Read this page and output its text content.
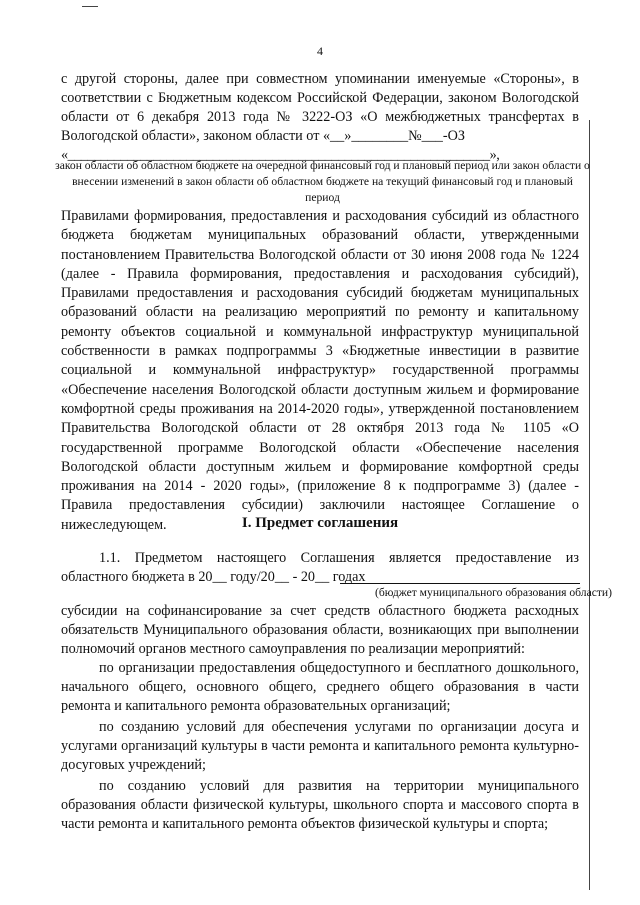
4
с другой стороны, далее при совместном упоминании именуемые «Стороны», в соответствии с Бюджетным кодексом Российской Федерации, законом Вологодской области от 6 декабря 2013 года № 3222-ОЗ «О межбюджетных трансфертах в Вологодской области», законом области от «__»________№___-ОЗ
«________________________________________________________________»,
закон области об областном бюджете на очередной финансовый год и плановый период или закон области о внесении изменений в закон области об областном бюджете на текущий финансовый год и плановый период
Правилами формирования, предоставления и расходования субсидий из областного бюджета бюджетам муниципальных образований области, утвержденными постановлением Правительства Вологодской области от 30 июня 2008 года № 1224 (далее - Правила формирования, предоставления и расходования субсидий), Правилами предоставления и расходования субсидий бюджетам муниципальных образований области на реализацию мероприятий по ремонту и капитальному ремонту объектов социальной и коммунальной инфраструктур муниципальной собственности в рамках подпрограммы 3 «Бюджетные инвестиции в развитие социальной и коммунальной инфраструктур» государственной программы «Обеспечение населения Вологодской области доступным жильем и формирование комфортной среды проживания на 2014-2020 годы», утвержденной постановлением Правительства Вологодской области от 28 октября 2013 года № 1105 «О государственной программе Вологодской области «Обеспечение населения Вологодской области доступным жильем и формирование комфортной среды проживания на 2014 - 2020 годы», (приложение 8 к подпрограмме 3) (далее - Правила предоставления субсидии) заключили настоящее Соглашение о нижеследующем.	I. Предмет соглашения
1.1. Предметом настоящего Соглашения является предоставление из областного бюджета в 20__ году/20__ - 20__ годах
(бюджет муниципального образования области)
субсидии на софинансирование за счет средств областного бюджета расходных обязательств Муниципального образования области, возникающих при выполнении полномочий органов местного самоуправления по реализации мероприятий:
по организации предоставления общедоступного и бесплатного дошкольного, начального общего, основного общего, среднего общего образования в части ремонта и капитального ремонта образовательных организаций;
по созданию условий для обеспечения услугами по организации досуга и услугами организаций культуры в части ремонта и капитального ремонта культурно-досуговых учреждений;
по созданию условий для развития на территории муниципального образования области физической культуры, школьного спорта и массового спорта в части ремонта и капитального ремонта объектов физической культуры и спорта;
